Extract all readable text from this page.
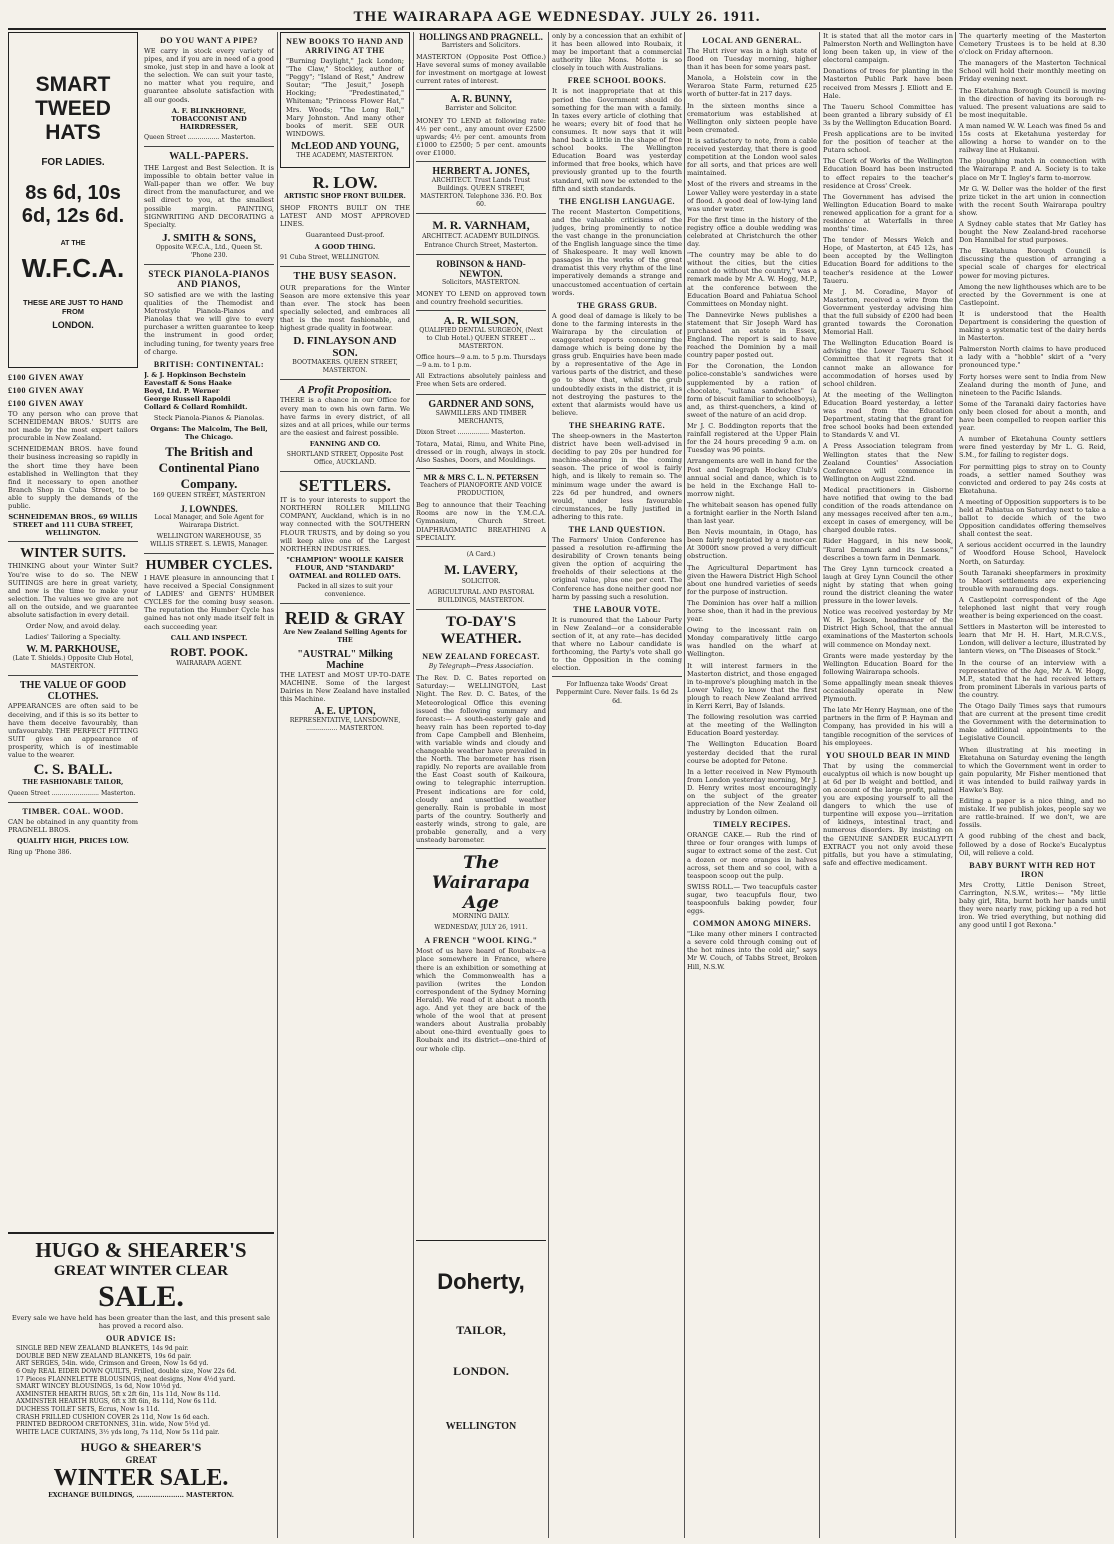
THE WAIRARAPA AGE WEDNESDAY. JULY 26. 1911.
SMART TWEED HATS
FOR LADIES.
8s 6d, 10s 6d, 12s 6d.
AT THE
W.F.C.A.
THESE ARE JUST TO HAND FROM
LONDON.
£100 GIVEN AWAY
£100 GIVEN AWAY
£100 GIVEN AWAY

TO any person who can prove that SCHNEIDEMAN BROS.' SUITS are not made by the most expert tailors procurable in New Zealand.

SCHNEIDEMAN BROS. have found their business increasing so rapidly in the short time they have been established in Wellington that they find it necessary to open another Branch Shop in Cuba Street, to be able to supply the demands of the public.

SCHNEIDEMAN BROS., 69 WILLIS STREET and 111 CUBA STREET, WELLINGTON.

WINTER SUITS.

THINKING about your Winter Suit? You're wise to do so. The NEW SUITINGS are here in great variety, and now is the time to make your selection. The values we give are not all on the outside, and we guarantee absolute satisfaction in every detail.

Order Now, and avoid delay.

Ladies' Tailoring a Specialty.

W. M. PARKHOUSE,

(Late T. Shields.) Opposite Club Hotel, MASTERTON.

THE VALUE OF GOOD CLOTHES.

APPEARANCES are often said to be deceiving, and if this is so its better to have them deceive favourably, than unfavourably. THE PERFECT FITTING SUIT gives an appearance of prosperity, which is of inestimable value to the wearer.

C. S. BALL.

THE FASHIONABLE TAILOR,

Queen Street ........................ Masterton.

TIMBER. COAL. WOOD.

CAN be obtained in any quantity from PRAGNELL BROS.

QUALITY HIGH, PRICES LOW.

Ring up 'Phone 386.

HUGO & SHEARER'S
GREAT WINTER CLEAR
SALE.

Every sale we have held has been greater than the last, and this present sale has proved a record also.

OUR ADVICE IS:
SINGLE BED NEW ZEALAND BLANKETS, 14s 9d pair.
DOUBLE BED NEW ZEALAND BLANKETS, 19s 6d pair.
ART SERGES, 54in. wide, Crimson and Green, Now 1s 6d yd.
6 Only REAL EIDER DOWN QUILTS, Frilled, double size, Now 22s 6d.
17 Pieces FLANNELETTE BLOUSINGS, neat designs, Now 4½d yard.
SMART WINCEY BLOUSINGS, 1s 6d, Now 10½d yd.
AXMINSTER HEARTH RUGS, 5ft x 2ft 6in, 11s 11d, Now 8s 11d.
AXMINSTER HEARTH RUGS, 6ft x 3ft 6in, 8s 11d, Now 6s 11d.
DUCHESS TOILET SETS, Ecrus, Now 1s 11d.
CRASH FRILLED CUSHION COVER 2s 11d, Now 1s 6d each.
PRINTED BEDROOM CRETONNES, 31in. wide, Now 5½d yd.
WHITE LACE CURTAINS, 3½ yds long, 7s 11d, Now 5s 11d pair.
HUGO & SHEARER'S
GREAT
WINTER SALE.

EXCHANGE BUILDINGS, ...................... MASTERTON.

DO YOU WANT A PIPE?

WE carry in stock every variety of pipes, and if you are in need of a good smoke, just step in and have a look at the selection. We can suit your taste, no matter what you require, and guarantee absolute satisfaction with all our goods.

A. F. BLINKHORNE, TOBACCONIST AND HAIRDRESSER,

Queen Street ................ Masterton.

WALL-PAPERS.

THE Largest and Best Selection. It is impossible to obtain better value in Wall-paper than we offer. We buy direct from the manufacturer, and we sell direct to you, at the smallest possible margin. PAINTING, SIGNWRITING AND DECORATING a Specialty.

J. SMITH & SONS,

Opposite W.F.C.A., Ltd., Queen St. 'Phone 230.

STECK PIANOLA-PIANOS AND PIANOS,

SO satisfied are we with the lasting qualities of the Themodist and Metrostyle Pianola-Pianos and Pianolas that we will give to every purchaser a written guarantee to keep the instrument in good order, including tuning, for twenty years free of charge.

BRITISH: CONTINENTAL:

J. & J. Hopkinson Bechstein
Eavestaff & Sons Haake
Boyd, Ltd. P. Werner
George Russell Rapoldi
Collard & Collard Romhildt.

Steck Pianola-Pianos & Pianolas.

Organs: The Malcolm, The Bell, The Chicago.

The British and Continental Piano Company.

169 QUEEN STREET, MASTERTON

J. LOWNDES.

Local Manager, and Sole Agent for Wairarapa District.

WELLINGTON WAREHOUSE, 35 WILLIS STREET. S. LEWIS, Manager.

HUMBER CYCLES.

I HAVE pleasure in announcing that I have received a Special Consignment of LADIES' and GENTS' HUMBER CYCLES for the coming busy season. The reputation the Humber Cycle has gained has not only made itself felt in each succeeding year.

CALL AND INSPECT.

ROBT. POOK.

WAIRARAPA AGENT.

NEW BOOKS TO HAND AND ARRIVING AT THE

"Burning Daylight," Jack London; "The Claw," Stockley, author of "Peggy"; "Island of Rest," Andrew Soutar; "The Jesuit," Joseph Hocking; "Predestinated," Whiteman; "Princess Flower Hat," Mrs. Woods; "The Long Roll," Mary Johnston. And many other books of merit. SEE OUR WINDOWS.

McLEOD AND YOUNG,

THE ACADEMY, MASTERTON.

R. LOW.

ARTISTIC SHOP FRONT BUILDER.

SHOP FRONTS BUILT ON THE LATEST AND MOST APPROVED LINES.

Guaranteed Dust-proof.

A GOOD THING.

91 Cuba Street, WELLINGTON.

THE BUSY SEASON.

OUR preparations for the Winter Season are more extensive this year than ever. The stock has been specially selected, and embraces all that is the most fashionable, and highest grade quality in footwear.

D. FINLAYSON AND SON.

BOOTMAKERS. QUEEN STREET, MASTERTON.

A Profit Proposition.

THERE is a chance in our Office for every man to own his own farm. We have farms in every district, of all sizes and at all prices, while our terms are the easiest and fairest possible.

FANNING AND CO.

SHORTLAND STREET, Opposite Post Office, AUCKLAND.

SETTLERS.

IT is to your interests to support the NORTHERN ROLLER MILLING COMPANY, Auckland, which is in no way connected with the SOUTHERN FLOUR TRUSTS, and by doing so you will keep alive one of the Largest NORTHERN INDUSTRIES.

"CHAMPION" WOOLLE KAISER FLOUR, AND "STANDARD" OATMEAL and ROLLED OATS.

Packed in all sizes to suit your convenience.

REID & GRAY

Are New Zealand Selling Agents for THE

"AUSTRAL" Milking Machine

THE LATEST and MOST UP-TO-DATE MACHINE. Some of the largest Dairies in New Zealand have installed this Machine.

A. E. UPTON,

REPRESENTATIVE, LANSDOWNE, ................ MASTERTON.

HOLLINGS AND PRAGNELL.

Barristers and Solicitors.

MASTERTON (Opposite Post Office.) Have several sums of money available for investment on mortgage at lowest current rates of interest.

A. R. BUNNY,

Barrister and Solicitor.

MONEY TO LEND at following rate: 4½ per cent., any amount over £2500 upwards; 4½ per cent. amounts from £1000 to £2500; 5 per cent. amounts over £1000.

HERBERT A. JONES,

ARCHITECT. Trust Lands Trust Buildings. QUEEN STREET, MASTERTON. Telephone 336. P.O. Box 60.

M. R. VARNHAM,

ARCHITECT. ACADEMY BUILDINGS. Entrance Church Street, Masterton.

ROBINSON & HAND-NEWTON.

Solicitors, MASTERTON.

MONEY TO LEND on approved town and country freehold securities.

A. R. WILSON,

QUALIFIED DENTAL SURGEON, (Next to Club Hotel.) QUEEN STREET ... MASTERTON.

Office hours—9 a.m. to 5 p.m. Thursdays—9 a.m. to 1 p.m.

All Extractions absolutely painless and Free when Sets are ordered.

GARDNER AND SONS,

SAWMILLERS AND TIMBER MERCHANTS,

Dixon Street ................ Masterton.

Totara, Matai, Rimu, and White Pine, dressed or in rough, always in stock. Also Sashes, Doors, and Mouldings.

MR & MRS C. L. N. PETERSEN

Teachers of PIANOFORTE AND VOICE PRODUCTION,

Beg to announce that their Teaching Rooms are now in the Y.M.C.A. Gymnasium, Church Street. DIAPHRAGMATIC BREATHING A SPECIALTY.

(A Card.)

M. LAVERY,

SOLICITOR.

AGRICULTURAL AND PASTORAL BUILDINGS, MASTERTON.

TO-DAY'S WEATHER.
NEW ZEALAND FORECAST.

By Telegraph—Press Association.

The Rev. D. C. Bates reported on Saturday:— WELLINGTON, Last Night. The Rev. D. C. Bates, of the Meteorological Office this evening issued the following summary and forecast:— A south-easterly gale and heavy rain has been reported to-day from Cape Campbell and Blenheim, with variable winds and cloudy and changeable weather have prevailed in the North. The barometer has risen rapidly. No reports are available from the East Coast south of Kaikoura, owing to telegraphic interruption. Present indications are for cold, cloudy and unsettled weather generally. Rain is probable in most parts of the country. Southerly and easterly winds, strong to gale, are probable generally, and a very unsteady barometer.

The Wairarapa Age

MORNING DAILY.

WEDNESDAY, JULY 26, 1911.

A FRENCH "WOOL KING."

Most of us have heard of Roubaix—a place somewhere in France, where there is an exhibition or something at which the Commonwealth has a pavilion (writes the London correspondent of the Sydney Morning Herald). We read of it about a month ago. And yet they are back of the whole of the wool that at present wanders about Australia probably about one-third eventually goes to Roubaix and its district—one-third of our whole clip.

Doherty,
TAILOR,
LONDON.
WELLINGTON

only by a concession that an exhibit of it has been allowed into Roubaix, it may be important that a commercial authority like Mons. Motte is so closely in touch with Australians.

FREE SCHOOL BOOKS.

It is not inappropriate that at this period the Government should do something for the man with a family. In taxes every article of clothing that he wears; every bit of food that he consumes. It now says that it will hand back a little in the shape of free school books. The Wellington Education Board was yesterday informed that free books, which have previously granted up to the fourth standard, will now be extended to the fifth and sixth standards.

THE ENGLISH LANGUAGE.

The recent Masterton Competitions, and the valuable criticisms of the judges, bring prominently to notice the vast change in the pronunciation of the English language since the time of Shakespeare. It may well known passages in the works of the great dramatist this very rhythm of the line imperatively demands a strange and unaccustomed accentuation of certain words.

THE GRASS GRUB.

A good deal of damage is likely to be done to the farming interests in the Wairarapa by the circulation of exaggerated reports concerning the damage which is being done by the grass grub. Enquiries have been made by a representative of the Age in various parts of the district, and these go to show that, whilst the grub undoubtedly exists in the district, it is not destroying the pastures to the extent that alarmists would have us believe.

THE SHEARING RATE.

The sheep-owners in the Masterton district have been well-advised in deciding to pay 20s per hundred for machine-shearing in the coming season. The price of wool is fairly high, and is likely to remain so. The minimum wage under the award is 22s 6d per hundred, and owners would, under less favourable circumstances, be fully justified in adhering to this rate.

THE LAND QUESTION.

The Farmers' Union Conference has passed a resolution re-affirming the desirability of Crown tenants being given the option of acquiring the freeholds of their selections at the original value, plus one per cent. The Conference has done neither good nor harm by passing such a resolution.

THE LABOUR VOTE.

It is rumoured that the Labour Party in New Zealand—or a considerable section of it, at any rate—has decided that where no Labour candidate is forthcoming, the Party's vote shall go to the Opposition in the coming election.

For Influenza take Woods' Great Peppermint Cure. Never fails. 1s 6d 2s 6d.

LOCAL AND GENERAL.

The Hutt river was in a high state of flood on Tuesday morning, higher than it has been for some years past.

Manola, a Holstein cow in the Weraroa State Farm, returned £25 worth of butter-fat in 217 days.

In the sixteen months since a crematorium was established at Wellington only sixteen people have been cremated.

It is satisfactory to note, from a cable received yesterday, that there is good competition at the London wool sales for all sorts, and that prices are well maintained.

Most of the rivers and streams in the Lower Valley were yesterday in a state of flood. A good deal of low-lying land was under water.

For the first time in the history of the registry office a double wedding was celebrated at Christchurch the other day.

"The country may be able to do without the cities, but the cities cannot do without the country," was a remark made by Mr A. W. Hogg, M.P., at the conference between the Education Board and Pahiatua School Committees on Monday night.

The Dannevirke News publishes a statement that Sir Joseph Ward has purchased an estate in Essex, England. The report is said to have reached the Dominion by a mail country paper posted out.

For the Coronation, the London police-constable's sandwiches were supplemented by a ration of chocolate, "sultana sandwiches" (a form of biscuit familiar to schoolboys), and, as thirst-quenchers, a kind of sweet of the nature of an acid drop.

Mr J. C. Boddington reports that the rainfall registered at the Upper Plain for the 24 hours preceding 9 a.m. on Tuesday was 96 points.

Arrangements are well in hand for the Post and Telegraph Hockey Club's annual social and dance, which is to be held in the Exchange Hall to-morrow night.

The whitebait season has opened fully a fortnight earlier in the North Island than last year.

Ben Nevis mountain, in Otago, has been fairly negotiated by a motor-car. At 3000ft snow proved a very difficult obstruction.

The Agricultural Department has given the Hawera District High School about one hundred varieties of seeds for the purpose of instruction.

The Dominion has over half a million horse shoe, than it had in the previous year.

Owing to the incessant rain on Monday comparatively little cargo was handled on the wharf at Wellington.

It will interest farmers in the Masterton district, and those engaged in to-mprove's ploughing match in the Lower Valley, to know that the first plough to reach New Zealand arrived in Kerri Kerri, Bay of Islands.

The following resolution was carried at the meeting of the Wellington Education Board yesterday.

The Wellington Education Board yesterday decided that the rural course be adopted for Petone.

In a letter received in New Plymouth from London yesterday morning, Mr J. D. Henry writes most encouragingly on the subject of the greater appreciation of the New Zealand oil industry by London oilmen.

TIMELY RECIPES.

ORANGE CAKE.— Rub the rind of three or four oranges with lumps of sugar to extract some of the zest. Cut a dozen or more oranges in halves across, set them and so cool, with a teaspoon scoop out the pulp.

SWISS ROLL.— Two teacupfuls caster sugar, two teacupfuls flour, two teaspoonfuls baking powder, four eggs.

COMMON AMONG MINERS.

"Like many other miners I contracted a severe cold through coming out of the hot mines into the cold air," says Mr W. Couch, of Tabbs Street, Broken Hill, N.S.W.

It is stated that all the motor cars in Palmerston North and Wellington have long been taken up, in view of the electoral campaign.

Donations of trees for planting in the Masterton Public Park have been received from Messrs J. Elliott and E. Hale.

The Taueru School Committee has been granted a library subsidy of £1 3s by the Wellington Education Board.

Fresh applications are to be invited for the position of teacher at the Putara school.

The Clerk of Works of the Wellington Education Board has been instructed to effect repairs to the teacher's residence at Cross' Creek.

The Government has advised the Wellington Education Board to make renewed application for a grant for a residence at Waterfalls in three months' time.

The tender of Messrs Welch and Hope, of Masterton, at £45 12s, has been accepted by the Wellington Education Board for additions to the teacher's residence at the Lower Taueru.

Mr J. M. Coradine, Mayor of Masterton, received a wire from the Government yesterday advising him that the full subsidy of £200 had been granted towards the Coronation Memorial Hall.

The Wellington Education Board is advising the Lower Taueru School Committee that it regrets that it cannot make an allowance for accommodation of horses used by school children.

At the meeting of the Wellington Education Board yesterday, a letter was read from the Education Department, stating that the grant for free school books had been extended to Standards V. and VI.

A Press Association telegram from Wellington states that the New Zealand Counties' Association Conference will commence in Wellington on August 22nd.

Medical practitioners in Gisborne have notified that owing to the bad condition of the roads attendance on any messages received after ten a.m., except in cases of emergency, will be charged double rates.

Rider Haggard, in his new book, "Rural Denmark and its Lessons," describes a town farm in Denmark.

The Grey Lynn turncock created a laugh at Grey Lynn Council the other night by stating that when going round the district cleaning the water pressure in the lower levels.

Notice was received yesterday by Mr W. H. Jackson, headmaster of the District High School, that the annual examinations of the Masterton schools will commence on Monday next.

Grants were made yesterday by the Wellington Education Board for the following Wairarapa schools.

Some appallingly mean sneak thieves occasionally operate in New Plymouth.

The late Mr Henry Hayman, one of the partners in the firm of P. Hayman and Company, has provided in his will a tangible recognition of the services of his employees.

YOU SHOULD BEAR IN MIND

That by using the commercial eucalyptus oil which is now bought up at 6d per lb weight and bottled, and on account of the large profit, palmed you are exposing yourself to all the dangers to which the use of turpentine will expose you—irritation of kidneys, intestinal tract, and numerous disorders. By insisting on the GENUINE SANDER EUCALYPTI EXTRACT you not only avoid these pitfalls, but you have a stimulating, safe and effective medicament.

The quarterly meeting of the Masterton Cemetery Trustees is to be held at 8.30 o'clock on Friday afternoon.

The managers of the Masterton Technical School will hold their monthly meeting on Friday evening next.

The Eketahuna Borough Council is moving in the direction of having its borough re-valued. The present valuations are said to be most inequitable.

A man named W. W. Leach was fined 5s and 15s costs at Eketahuna yesterday for allowing a horse to wander on to the railway line at Hukanui.

The ploughing match in connection with the Wairarapa P. and A. Society is to take place on Mr T. Ingley's farm to-morrow.

Mr G. W. Deller was the holder of the first prize ticket in the art union in connection with the recent South Wairarapa poultry show.

A Sydney cable states that Mr Gatley has bought the New Zealand-bred racehorse Don Hannibal for stud purposes.

The Eketahuna Borough Council is discussing the question of arranging a special scale of charges for electrical power for moving pictures.

Among the new lighthouses which are to be erected by the Government is one at Castlepoint.

It is understood that the Health Department is considering the question of making a systematic test of the dairy herds in Masterton.

Palmerston North claims to have produced a lady with a "hobble" skirt of a "very pronounced type."

Forty horses were sent to India from New Zealand during the month of June, and nineteen to the Pacific Islands.

Some of the Taranaki dairy factories have only been closed for about a month, and have been compelled to reopen earlier this year.

A number of Eketahuna County settlers were fined yesterday by Mr L. G. Reid, S.M., for failing to register dogs.

For permitting pigs to stray on to County roads, a settler named Southey was convicted and ordered to pay 24s costs at Eketahuna.

A meeting of Opposition supporters is to be held at Pahiatua on Saturday next to take a ballot to decide which of the two Opposition candidates offering themselves shall contest the seat.

A serious accident occurred in the laundry of Woodford House School, Havelock North, on Saturday.

South Taranaki sheepfarmers in proximity to Maori settlements are experiencing trouble with marauding dogs.

A Castlepoint correspondent of the Age telephoned last night that very rough weather is being experienced on the coast.

Settlers in Masterton will be interested to learn that Mr H. H. Hart, M.R.C.V.S., London, will deliver a lecture, illustrated by lantern views, on "The Diseases of Stock."

In the course of an interview with a representative of the Age, Mr A. W. Hogg, M.P., stated that he had received letters from prominent Liberals in various parts of the country.

The Otago Daily Times says that rumours that are current at the present time credit the Government with the determination to make additional appointments to the Legislative Council.

When illustrating at his meeting in Eketahuna on Saturday evening the length to which the Government went in order to gain popularity, Mr Fisher mentioned that it was intended to build railway yards in Hawke's Bay.

Editing a paper is a nice thing, and no mistake. If we publish jokes, people say we are rattle-brained. If we don't, we are fossils.

A good rubbing of the chest and back, followed by a dose of Rocke's Eucalyptus Oil, will relieve a cold.

BABY BURNT WITH RED HOT IRON

Mrs Crotty, Little Denison Street, Carrington, N.S.W., writes:— "My little baby girl, Rita, burnt both her hands until they were nearly raw, picking up a red hot iron. We tried everything, but nothing did any good until I got Rexona."
